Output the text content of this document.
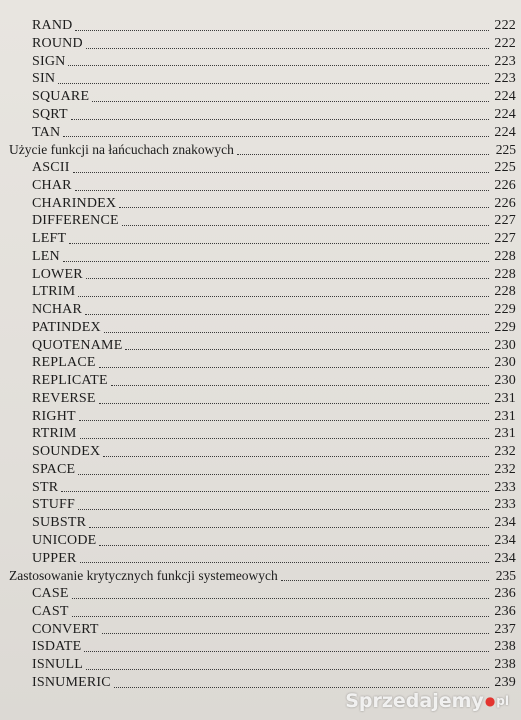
RAND	222
ROUND	222
SIGN	223
SIN	223
SQUARE	224
SQRT	224
TAN	224
Użycie funkcji na łańcuchach znakowych	225
ASCII	225
CHAR	226
CHARINDEX	226
DIFFERENCE	227
LEFT	227
LEN	228
LOWER	228
LTRIM	228
NCHAR	229
PATINDEX	229
QUOTENAME	230
REPLACE	230
REPLICATE	230
REVERSE	231
RIGHT	231
RTRIM	231
SOUNDEX	232
SPACE	232
STR	233
STUFF	233
SUBSTR	234
UNICODE	234
UPPER	234
Zastosowanie krytycznych funkcji systemeowych	235
CASE	236
CAST	236
CONVERT	237
ISDATE	238
ISNULL	238
ISNUMERIC	239
Sprzedajemy ● pl
